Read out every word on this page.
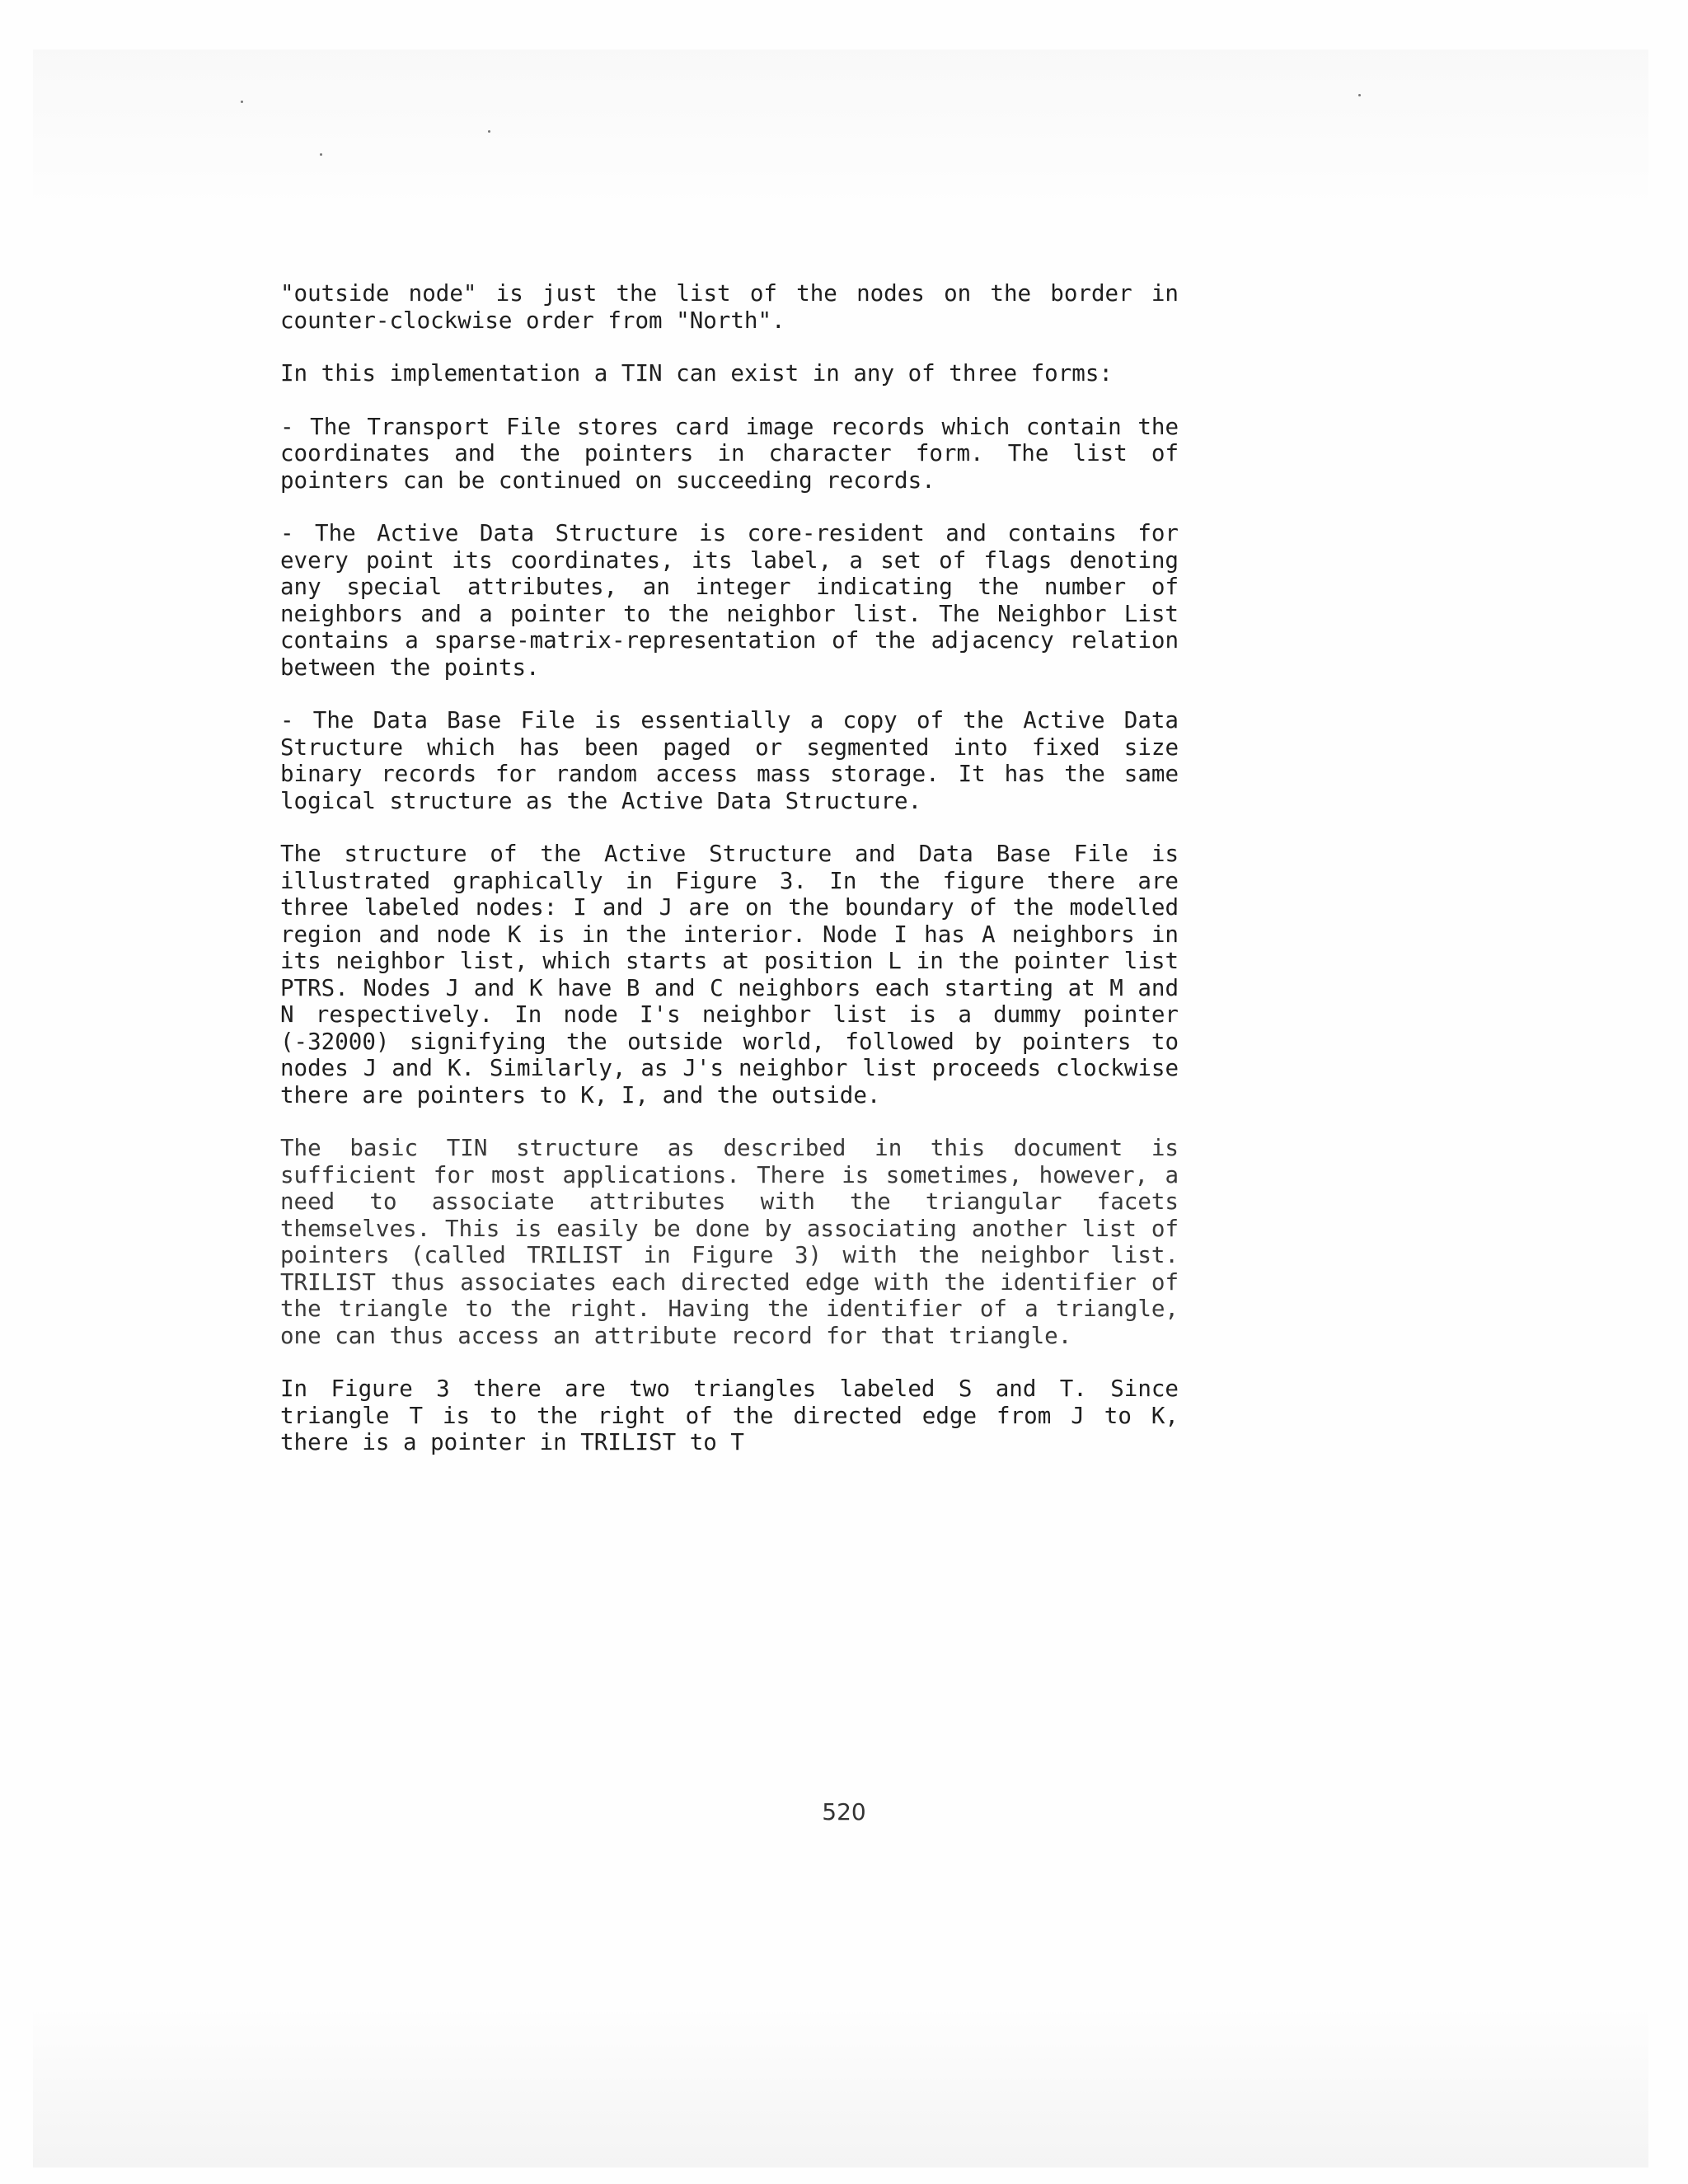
"outside node" is just the list of the nodes on the border in counter-clockwise order from "North".

In this implementation a TIN can exist in any of three forms:

- The Transport File stores card image records which contain the coordinates and the pointers in character form. The list of pointers can be continued on succeeding records.

- The Active Data Structure is core-resident and contains for every point its coordinates, its label, a set of flags denoting any special attributes, an integer indicating the number of neighbors and a pointer to the neighbor list. The Neighbor List contains a sparse-matrix-representation of the adjacency relation between the points.

- The Data Base File is essentially a copy of the Active Data Structure which has been paged or segmented into fixed size binary records for random access mass storage. It has the same logical structure as the Active Data Structure.

The structure of the Active Structure and Data Base File is illustrated graphically in Figure 3. In the figure there are three labeled nodes: I and J are on the boundary of the modelled region and node K is in the interior. Node I has A neighbors in its neighbor list, which starts at position L in the pointer list PTRS. Nodes J and K have B and C neighbors each starting at M and N respectively. In node I's neighbor list is a dummy pointer (-32000) signifying the outside world, followed by pointers to nodes J and K. Similarly, as J's neighbor list proceeds clockwise there are pointers to K, I, and the outside.

The basic TIN structure as described in this document is sufficient for most applications. There is sometimes, however, a need to associate attributes with the triangular facets themselves. This is easily be done by associating another list of pointers (called TRILIST in Figure 3) with the neighbor list. TRILIST thus associates each directed edge with the identifier of the triangle to the right. Having the identifier of a triangle, one can thus access an attribute record for that triangle.

In Figure 3 there are two triangles labeled S and T. Since triangle T is to the right of the directed edge from J to K, there is a pointer in TRILIST to T

520
